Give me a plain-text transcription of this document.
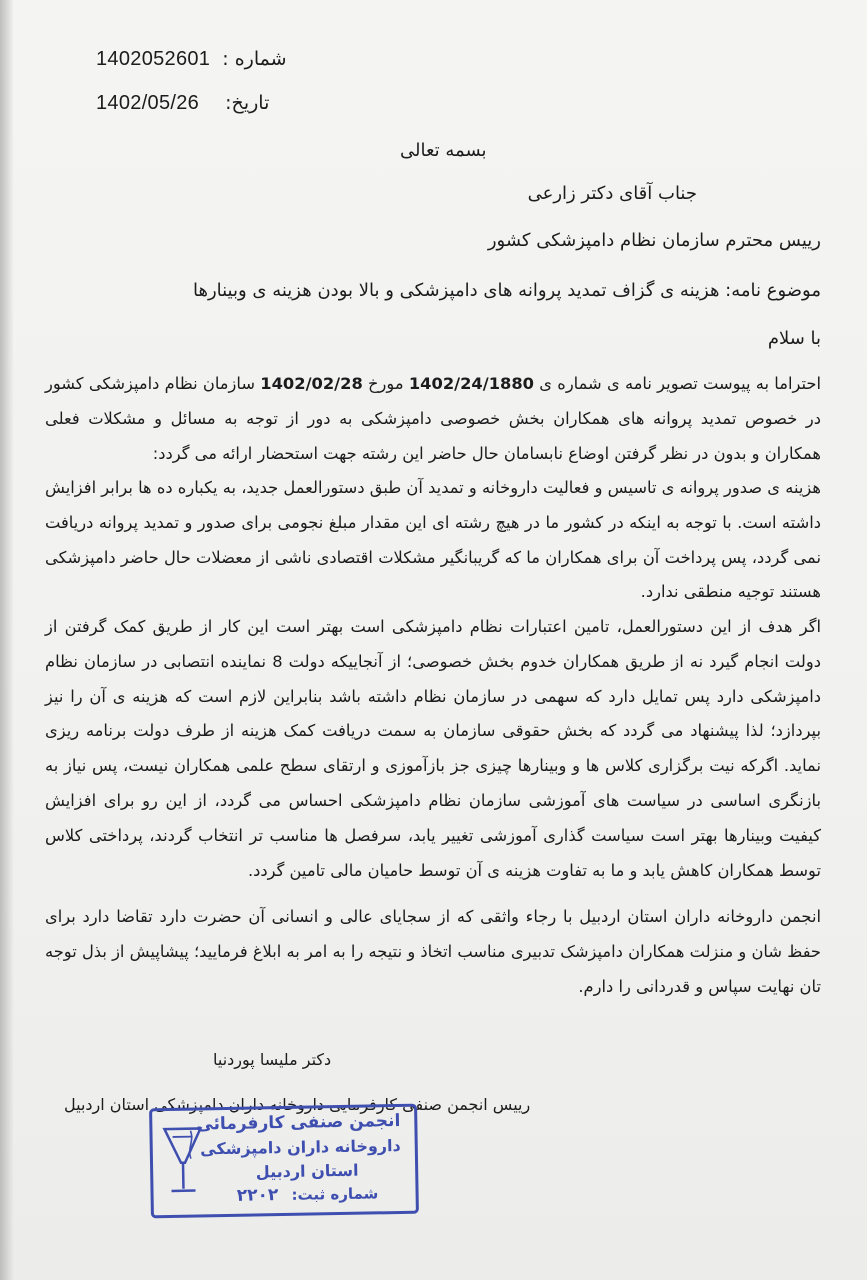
1402052601 شماره :
1402/05/26 تاریخ:
بسمه تعالی
جناب آقای دکتر زارعی
رییس محترم سازمان نظام دامپزشکی کشور
موضوع نامه: هزینه ی گزاف تمدید پروانه های دامپزشکی و بالا بودن هزینه ی وبینارها
با سلام
احتراما به پیوست تصویر نامه ی شماره ی 1402/24/1880 مورخ 1402/02/28 سازمان نظام دامپزشکی کشور در خصوص تمدید پروانه های همکاران بخش خصوصی دامپزشکی به دور از توجه به مسائل و مشکلات فعلی همکاران و بدون در نظر گرفتن اوضاع نابسامان حال حاضر این رشته جهت استحضار ارائه می گردد:
هزینه ی صدور پروانه ی تاسیس و فعالیت داروخانه و تمدید آن طبق دستورالعمل جدید، به یکباره ده ها برابر افزایش داشته است. با توجه به اینکه در کشور ما در هیچ رشته ای این مقدار مبلغ نجومی برای صدور و تمدید پروانه دریافت نمی گردد، پس پرداخت آن برای همکاران ما که گریبانگیر مشکلات اقتصادی ناشی از معضلات حال حاضر دامپزشکی هستند توجیه منطقی ندارد.
اگر هدف از این دستورالعمل، تامین اعتبارات نظام دامپزشکی است بهتر است این کار از طریق کمک گرفتن از دولت انجام گیرد نه از طریق همکاران خدوم بخش خصوصی؛ از آنجاییکه دولت 8 نماینده انتصابی در سازمان نظام دامپزشکی دارد پس تمایل دارد که سهمی در سازمان نظام داشته باشد بنابراین لازم است که هزینه ی آن را نیز بپردازد؛ لذا پیشنهاد می گردد که بخش حقوقی سازمان به سمت دریافت کمک هزینه از طرف دولت برنامه ریزی نماید. اگرکه نیت برگزاری کلاس ها و وبینارها چیزی جز بازآموزی و ارتقای سطح علمی همکاران نیست، پس نیاز به بازنگری اساسی در سیاست های آموزشی سازمان نظام دامپزشکی احساس می گردد، از این رو برای افزایش کیفیت وبینارها بهتر است سیاست گذاری آموزشی تغییر یابد، سرفصل ها مناسب تر انتخاب گردند، پرداختی کلاس توسط همکاران کاهش یابد و ما به تفاوت هزینه ی آن توسط حامیان مالی تامین گردد.
انجمن داروخانه داران استان اردبیل با رجاء واثقی که از سجایای عالی و انسانی آن حضرت دارد تقاضا دارد برای حفظ شان و منزلت همکاران دامپزشک تدبیری مناسب اتخاذ و نتیجه را به امر به ابلاغ فرمایید؛ پیشاپیش از بذل توجه تان نهایت سپاس و قدردانی را دارم.
دکتر ملیسا پوردنیا
رییس انجمن صنفی کارفرمایی داروخانه داران دامپزشکی استان اردبیل
انجمن صنفی کارفرمائی
داروخانه داران دامپزشکی
استان اردبیل
شماره ثبت: ۲۲۰۲
